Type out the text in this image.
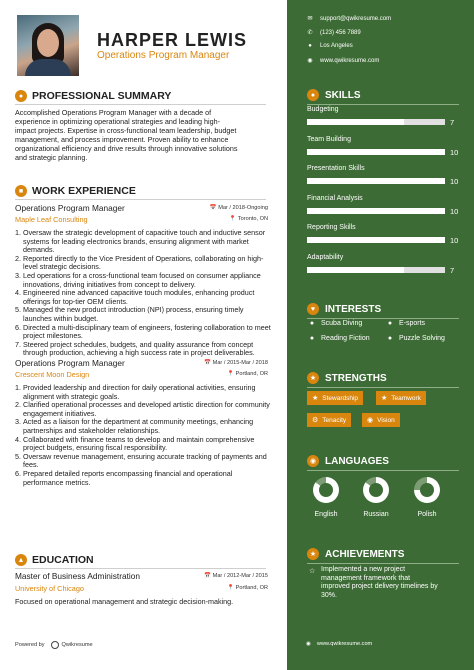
HARPER LEWIS
Operations Program Manager
● PROFESSIONAL SUMMARY
Accomplished Operations Program Manager with a decade of
experience in optimizing operational strategies and leading high-
impact projects. Expertise in cross-functional team leadership, budget
management, and process improvement. Proven ability to enhance
organizational efficiency and drive results through innovative solutions
and strategic planning.
■ WORK EXPERIENCE
Operations Program Manager	📅 Mar / 2018-Ongoing
Maple Leaf Consulting	📍 Toronto, ON
Oversaw the strategic development of capacitive touch and inductive sensor systems for leading electronics brands, ensuring alignment with market demands.
Reported directly to the Vice President of Operations, collaborating on high-level strategic decisions.
Led operations for a cross-functional team focused on consumer appliance innovations, driving initiatives from concept to delivery.
Engineered nine advanced capacitive touch modules, enhancing product offerings for top-tier OEM clients.
Managed the new product introduction (NPI) process, ensuring timely launches within budget.
Directed a multi-disciplinary team of engineers, fostering collaboration to meet project milestones.
Steered project schedules, budgets, and quality assurance from concept through production, achieving a high success rate in project deliverables.
Operations Program Manager	📅 Mar / 2015-Mar / 2018
Crescent Moon Design	📍 Portland, OR
Provided leadership and direction for daily operational activities, ensuring alignment with strategic goals.
Clarified operational processes and developed artistic direction for community engagement initiatives.
Acted as a liaison for the department at community meetings, enhancing partnerships and stakeholder relationships.
Collaborated with finance teams to develop and maintain comprehensive project budgets, ensuring fiscal responsibility.
Oversaw revenue management, ensuring accurate tracking of payments and fees.
Prepared detailed reports encompassing financial and operational performance metrics.
▲ EDUCATION
Master of Business Administration	📅 Mar / 2012-Mar / 2015
University of Chicago	📍 Portland, OR
Focused on operational management and strategic decision-making.
Powered by	Qwikresume
✉ support@qwikresume.com
✆ (123) 456 7889
●	Los Angeles
◉ www.qwikresume.com
● SKILLS
Budgeting
7
Team Building
10
Presentation Skills
10
Financial Analysis
10
Reporting Skills
10
Adaptability
7
♥ INTERESTS
● Scuba Diving	● E-sports
● Reading Fiction	● Puzzle Solving
★ STRENGTHS
★ Stewardship	★ Teamwork
⚙ Tenacity	◉ Vision
◉ LANGUAGES
English	Russian	Polish
★ ACHIEVEMENTS
☆ Implemented a new project
management framework that
improved project delivery timelines by
30%.
◉ www.qwikresume.com
